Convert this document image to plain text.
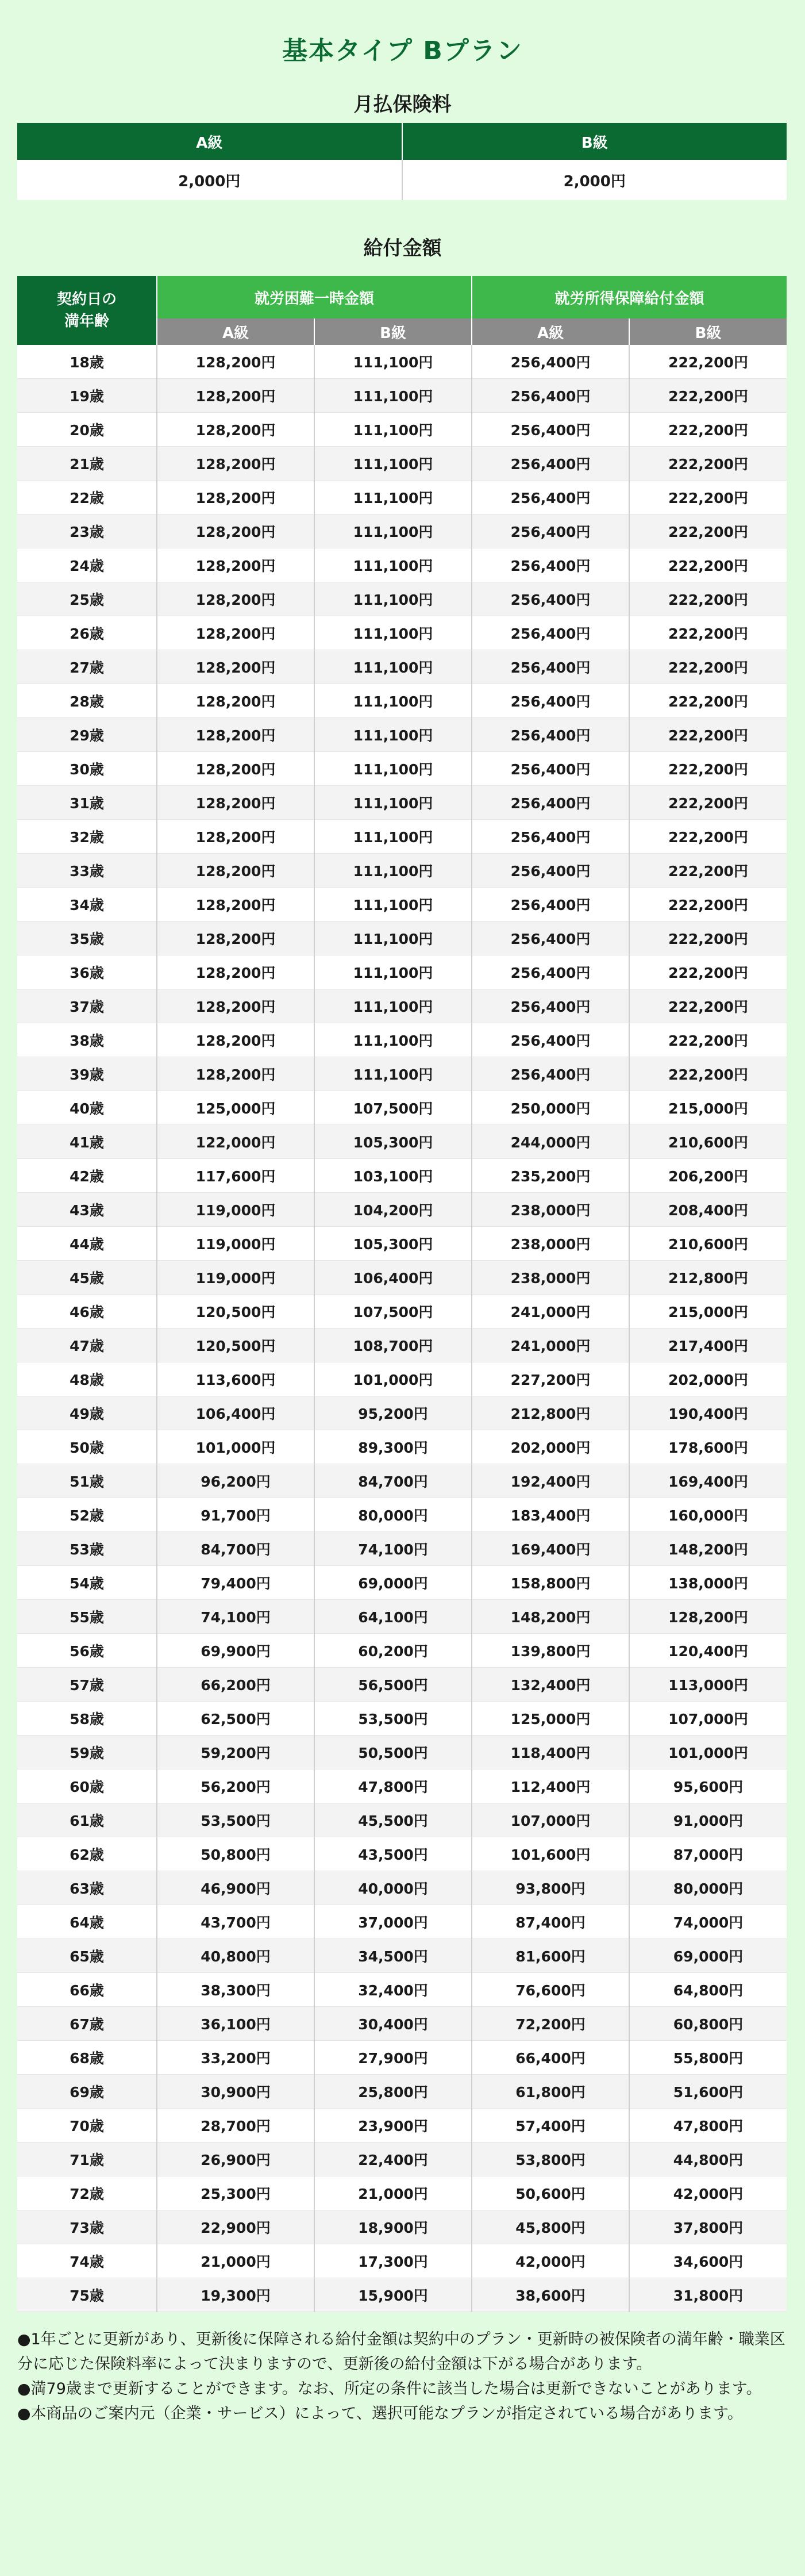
基本タイプ Bプラン
月払保険料
A級	B級
2,000円	2,000円
給付金額
契約日の
満年齢	就労困難一時金額		就労所得保障給付金額	
	A級	B級	A級	B級
18歳	128,200円	111,100円	256,400円	222,200円
19歳	128,200円	111,100円	256,400円	222,200円
20歳	128,200円	111,100円	256,400円	222,200円
21歳	128,200円	111,100円	256,400円	222,200円
22歳	128,200円	111,100円	256,400円	222,200円
23歳	128,200円	111,100円	256,400円	222,200円
24歳	128,200円	111,100円	256,400円	222,200円
25歳	128,200円	111,100円	256,400円	222,200円
26歳	128,200円	111,100円	256,400円	222,200円
27歳	128,200円	111,100円	256,400円	222,200円
28歳	128,200円	111,100円	256,400円	222,200円
29歳	128,200円	111,100円	256,400円	222,200円
30歳	128,200円	111,100円	256,400円	222,200円
31歳	128,200円	111,100円	256,400円	222,200円
32歳	128,200円	111,100円	256,400円	222,200円
33歳	128,200円	111,100円	256,400円	222,200円
34歳	128,200円	111,100円	256,400円	222,200円
35歳	128,200円	111,100円	256,400円	222,200円
36歳	128,200円	111,100円	256,400円	222,200円
37歳	128,200円	111,100円	256,400円	222,200円
38歳	128,200円	111,100円	256,400円	222,200円
39歳	128,200円	111,100円	256,400円	222,200円
40歳	125,000円	107,500円	250,000円	215,000円
41歳	122,000円	105,300円	244,000円	210,600円
42歳	117,600円	103,100円	235,200円	206,200円
43歳	119,000円	104,200円	238,000円	208,400円
44歳	119,000円	105,300円	238,000円	210,600円
45歳	119,000円	106,400円	238,000円	212,800円
46歳	120,500円	107,500円	241,000円	215,000円
47歳	120,500円	108,700円	241,000円	217,400円
48歳	113,600円	101,000円	227,200円	202,000円
49歳	106,400円	95,200円	212,800円	190,400円
50歳	101,000円	89,300円	202,000円	178,600円
51歳	96,200円	84,700円	192,400円	169,400円
52歳	91,700円	80,000円	183,400円	160,000円
53歳	84,700円	74,100円	169,400円	148,200円
54歳	79,400円	69,000円	158,800円	138,000円
55歳	74,100円	64,100円	148,200円	128,200円
56歳	69,900円	60,200円	139,800円	120,400円
57歳	66,200円	56,500円	132,400円	113,000円
58歳	62,500円	53,500円	125,000円	107,000円
59歳	59,200円	50,500円	118,400円	101,000円
60歳	56,200円	47,800円	112,400円	95,600円
61歳	53,500円	45,500円	107,000円	91,000円
62歳	50,800円	43,500円	101,600円	87,000円
63歳	46,900円	40,000円	93,800円	80,000円
64歳	43,700円	37,000円	87,400円	74,000円
65歳	40,800円	34,500円	81,600円	69,000円
66歳	38,300円	32,400円	76,600円	64,800円
67歳	36,100円	30,400円	72,200円	60,800円
68歳	33,200円	27,900円	66,400円	55,800円
69歳	30,900円	25,800円	61,800円	51,600円
70歳	28,700円	23,900円	57,400円	47,800円
71歳	26,900円	22,400円	53,800円	44,800円
72歳	25,300円	21,000円	50,600円	42,000円
73歳	22,900円	18,900円	45,800円	37,800円
74歳	21,000円	17,300円	42,000円	34,600円
75歳	19,300円	15,900円	38,600円	31,800円

●1年ごとに更新があり、更新後に保障される給付金額は契約中のプラン・更新時の被保険者の満年齢・職業区分に応じた保険料率によって決まりますので、更新後の給付金額は下がる場合があります。

●満79歳まで更新することができます。なお、所定の条件に該当した場合は更新できないことがあります。

●本商品のご案内元（企業・サービス）によって、選択可能なプランが指定されている場合があります。
